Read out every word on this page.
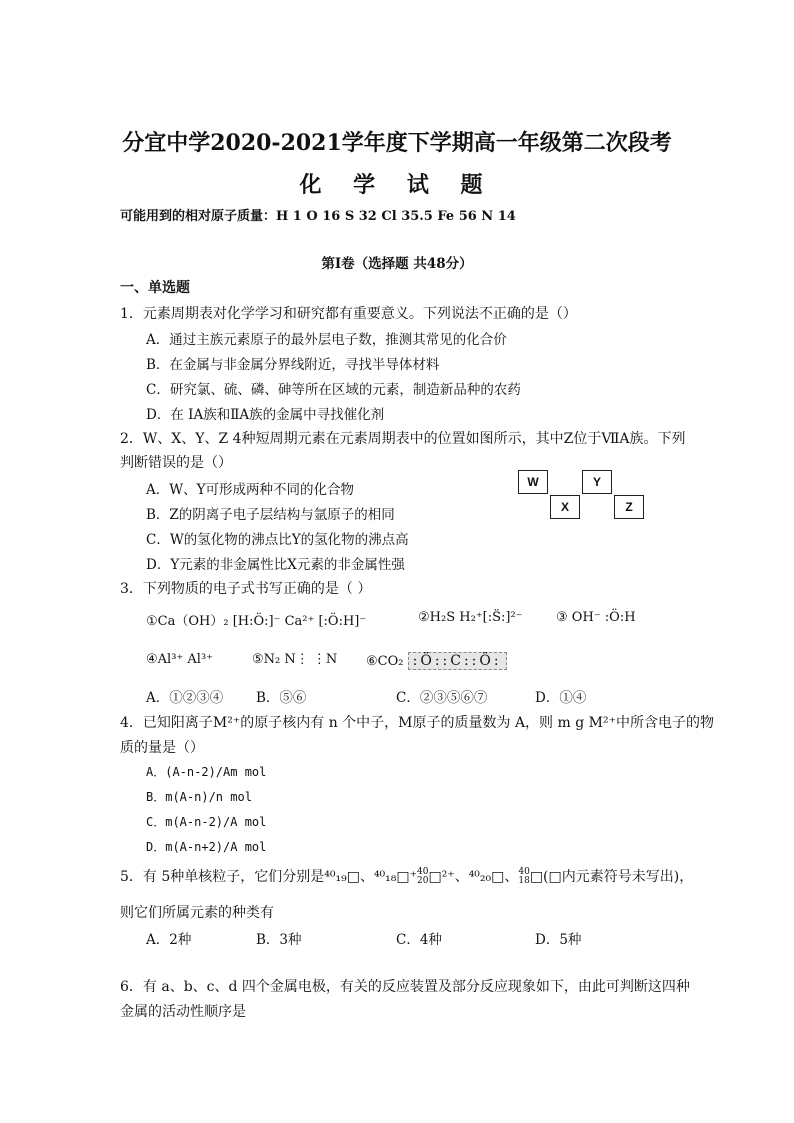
分宜中学2020-2021学年度下学期高一年级第二次段考
化 学 试 题
可能用到的相对原子质量：H 1 O 16 S 32 Cl 35.5 Fe 56 N 14
第Ⅰ卷（选择题 共48分）
一、单选题
1．元素周期表对化学学习和研究都有重要意义。下列说法不正确的是（）
A．通过主族元素原子的最外层电子数，推测其常见的化合价
B．在金属与非金属分界线附近，寻找半导体材料
C．研究氯、硫、磷、砷等所在区域的元素，制造新品种的农药
D．在 IA族和ⅡA族的金属中寻找催化剂
2．W、X、Y、Z 4种短周期元素在元素周期表中的位置如图所示，其中Z位于ⅦA族。下列
判断错误的是（）
A．W、Y可形成两种不同的化合物
B．Z的阴离子电子层结构与氩原子的相同
C．W的氢化物的沸点比Y的氢化物的沸点高
D．Y元素的非金属性比X元素的非金属性强
W	Y
X	Z
3．下列物质的电子式书写正确的是（ ）
①Ca（OH）₂ [H:Ö:]⁻ Ca²⁺ [:Ö:H]⁻	②H₂S H₂⁺[:S̈:]²⁻	③ OH⁻ :Ö:H
④Al³⁺ Al³⁺	⑤N₂ N⋮ ⋮N ⑥CO₂ :Ö::C::Ö:
A．①②③④ B．⑤⑥	C．②③⑤⑥⑦	D．①④
4．已知阳离子M²⁺的原子核内有 n 个中子，M原子的质量数为 A，则 m g M²⁺中所含电子的物
质的量是（）
A．(A-n-2)/Am mol
B．m(A-n)/n mol
C．m(A-n-2)/A mol
D．m(A-n+2)/A mol
5．有 5种单核粒子，它们分别是⁴⁰₁₉□、⁴⁰₁₈□⁺40
20□²⁺、⁴⁰₂₀□、40
18□(□内元素符号未写出)，
则它们所属元素的种类有
A．2种	B．3种	C．4种	D．5种
6．有 a、b、c、d 四个金属电极，有关的反应装置及部分反应现象如下，由此可判断这四种
金属的活动性顺序是
